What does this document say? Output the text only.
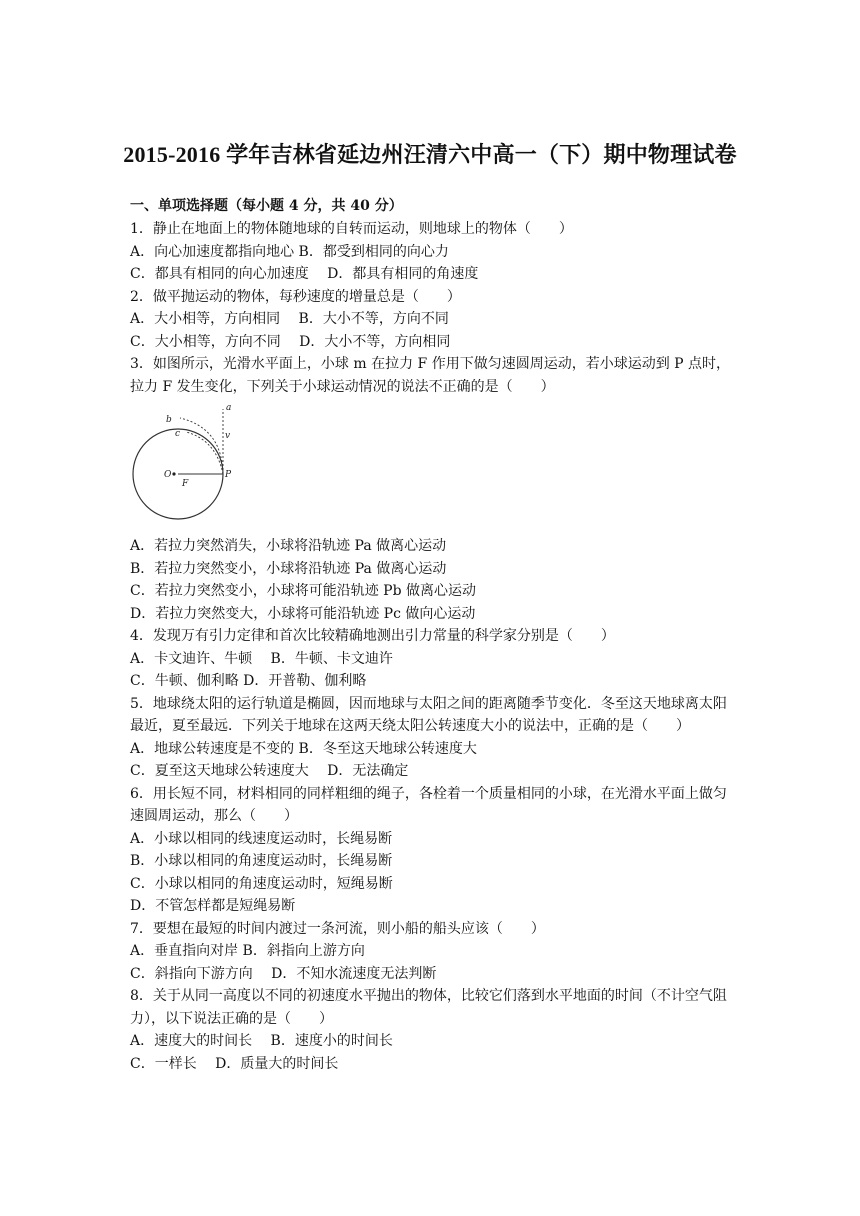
2015-2016 学年吉林省延边州汪清六中高一（下）期中物理试卷
一、单项选择题（每小题 4 分，共 40 分）
1．静止在地面上的物体随地球的自转而运动，则地球上的物体（　　）
A．向心加速度都指向地心 B．都受到相同的向心力
C．都具有相同的向心加速度　 D．都具有相同的角速度
2．做平抛运动的物体，每秒速度的增量总是（　　）
A．大小相等，方向相同　 B．大小不等，方向不同
C．大小相等，方向不同　 D．大小不等，方向相同
3．如图所示，光滑水平面上，小球 m 在拉力 F 作用下做匀速圆周运动，若小球运动到 P 点时，拉力 F 发生变化，下列关于小球运动情况的说法不正确的是（　　）
a
b
c	v
O
F
P
A．若拉力突然消失，小球将沿轨迹 Pa 做离心运动
B．若拉力突然变小，小球将沿轨迹 Pa 做离心运动
C．若拉力突然变小，小球将可能沿轨迹 Pb 做离心运动
D．若拉力突然变大，小球将可能沿轨迹 Pc 做向心运动
4．发现万有引力定律和首次比较精确地测出引力常量的科学家分别是（　　）
A．卡文迪许、牛顿　 B．牛顿、卡文迪许
C．牛顿、伽利略 D．开普勒、伽利略
5．地球绕太阳的运行轨道是椭圆，因而地球与太阳之间的距离随季节变化．冬至这天地球离太阳最近，夏至最远．下列关于地球在这两天绕太阳公转速度大小的说法中，正确的是（　　）
A．地球公转速度是不变的 B．冬至这天地球公转速度大
C．夏至这天地球公转速度大　 D．无法确定
6．用长短不同，材料相同的同样粗细的绳子，各栓着一个质量相同的小球，在光滑水平面上做匀速圆周运动，那么（　　）
A．小球以相同的线速度运动时，长绳易断
B．小球以相同的角速度运动时，长绳易断
C．小球以相同的角速度运动时，短绳易断
D．不管怎样都是短绳易断
7．要想在最短的时间内渡过一条河流，则小船的船头应该（　　）
A．垂直指向对岸 B．斜指向上游方向
C．斜指向下游方向　 D．不知水流速度无法判断
8．关于从同一高度以不同的初速度水平抛出的物体，比较它们落到水平地面的时间（不计空气阻力），以下说法正确的是（　　）
A．速度大的时间长　 B．速度小的时间长
C．一样长　 D．质量大的时间长
